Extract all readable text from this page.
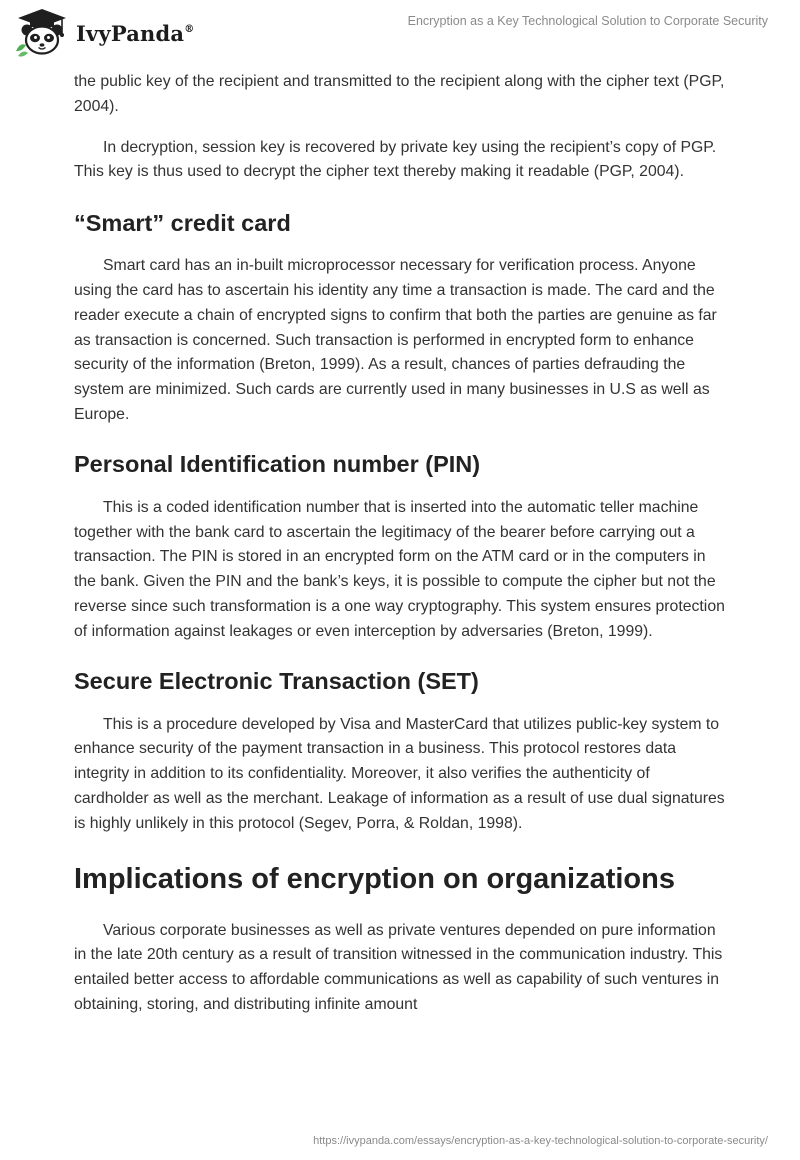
IvyPanda®
Encryption as a Key Technological Solution to Corporate Security

the public key of the recipient and transmitted to the recipient along with the cipher text (PGP, 2004).

In decryption, session key is recovered by private key using the recipient’s copy of PGP. This key is thus used to decrypt the cipher text thereby making it readable (PGP, 2004).

“Smart” credit card

Smart card has an in-built microprocessor necessary for verification process. Anyone using the card has to ascertain his identity any time a transaction is made. The card and the reader execute a chain of encrypted signs to confirm that both the parties are genuine as far as transaction is concerned. Such transaction is performed in encrypted form to enhance security of the information (Breton, 1999). As a result, chances of parties defrauding the system are minimized. Such cards are currently used in many businesses in U.S as well as Europe.

Personal Identification number (PIN)

This is a coded identification number that is inserted into the automatic teller machine together with the bank card to ascertain the legitimacy of the bearer before carrying out a transaction. The PIN is stored in an encrypted form on the ATM card or in the computers in the bank. Given the PIN and the bank’s keys, it is possible to compute the cipher but not the reverse since such transformation is a one way cryptography. This system ensures protection of information against leakages or even interception by adversaries (Breton, 1999).

Secure Electronic Transaction (SET)

This is a procedure developed by Visa and MasterCard that utilizes public-key system to enhance security of the payment transaction in a business. This protocol restores data integrity in addition to its confidentiality. Moreover, it also verifies the authenticity of cardholder as well as the merchant. Leakage of information as a result of use dual signatures is highly unlikely in this protocol (Segev, Porra, & Roldan, 1998).

Implications of encryption on organizations

Various corporate businesses as well as private ventures depended on pure information in the late 20th century as a result of transition witnessed in the communication industry. This entailed better access to affordable communications as well as capability of such ventures in obtaining, storing, and distributing infinite amount

https://ivypanda.com/essays/encryption-as-a-key-technological-solution-to-corporate-security/
